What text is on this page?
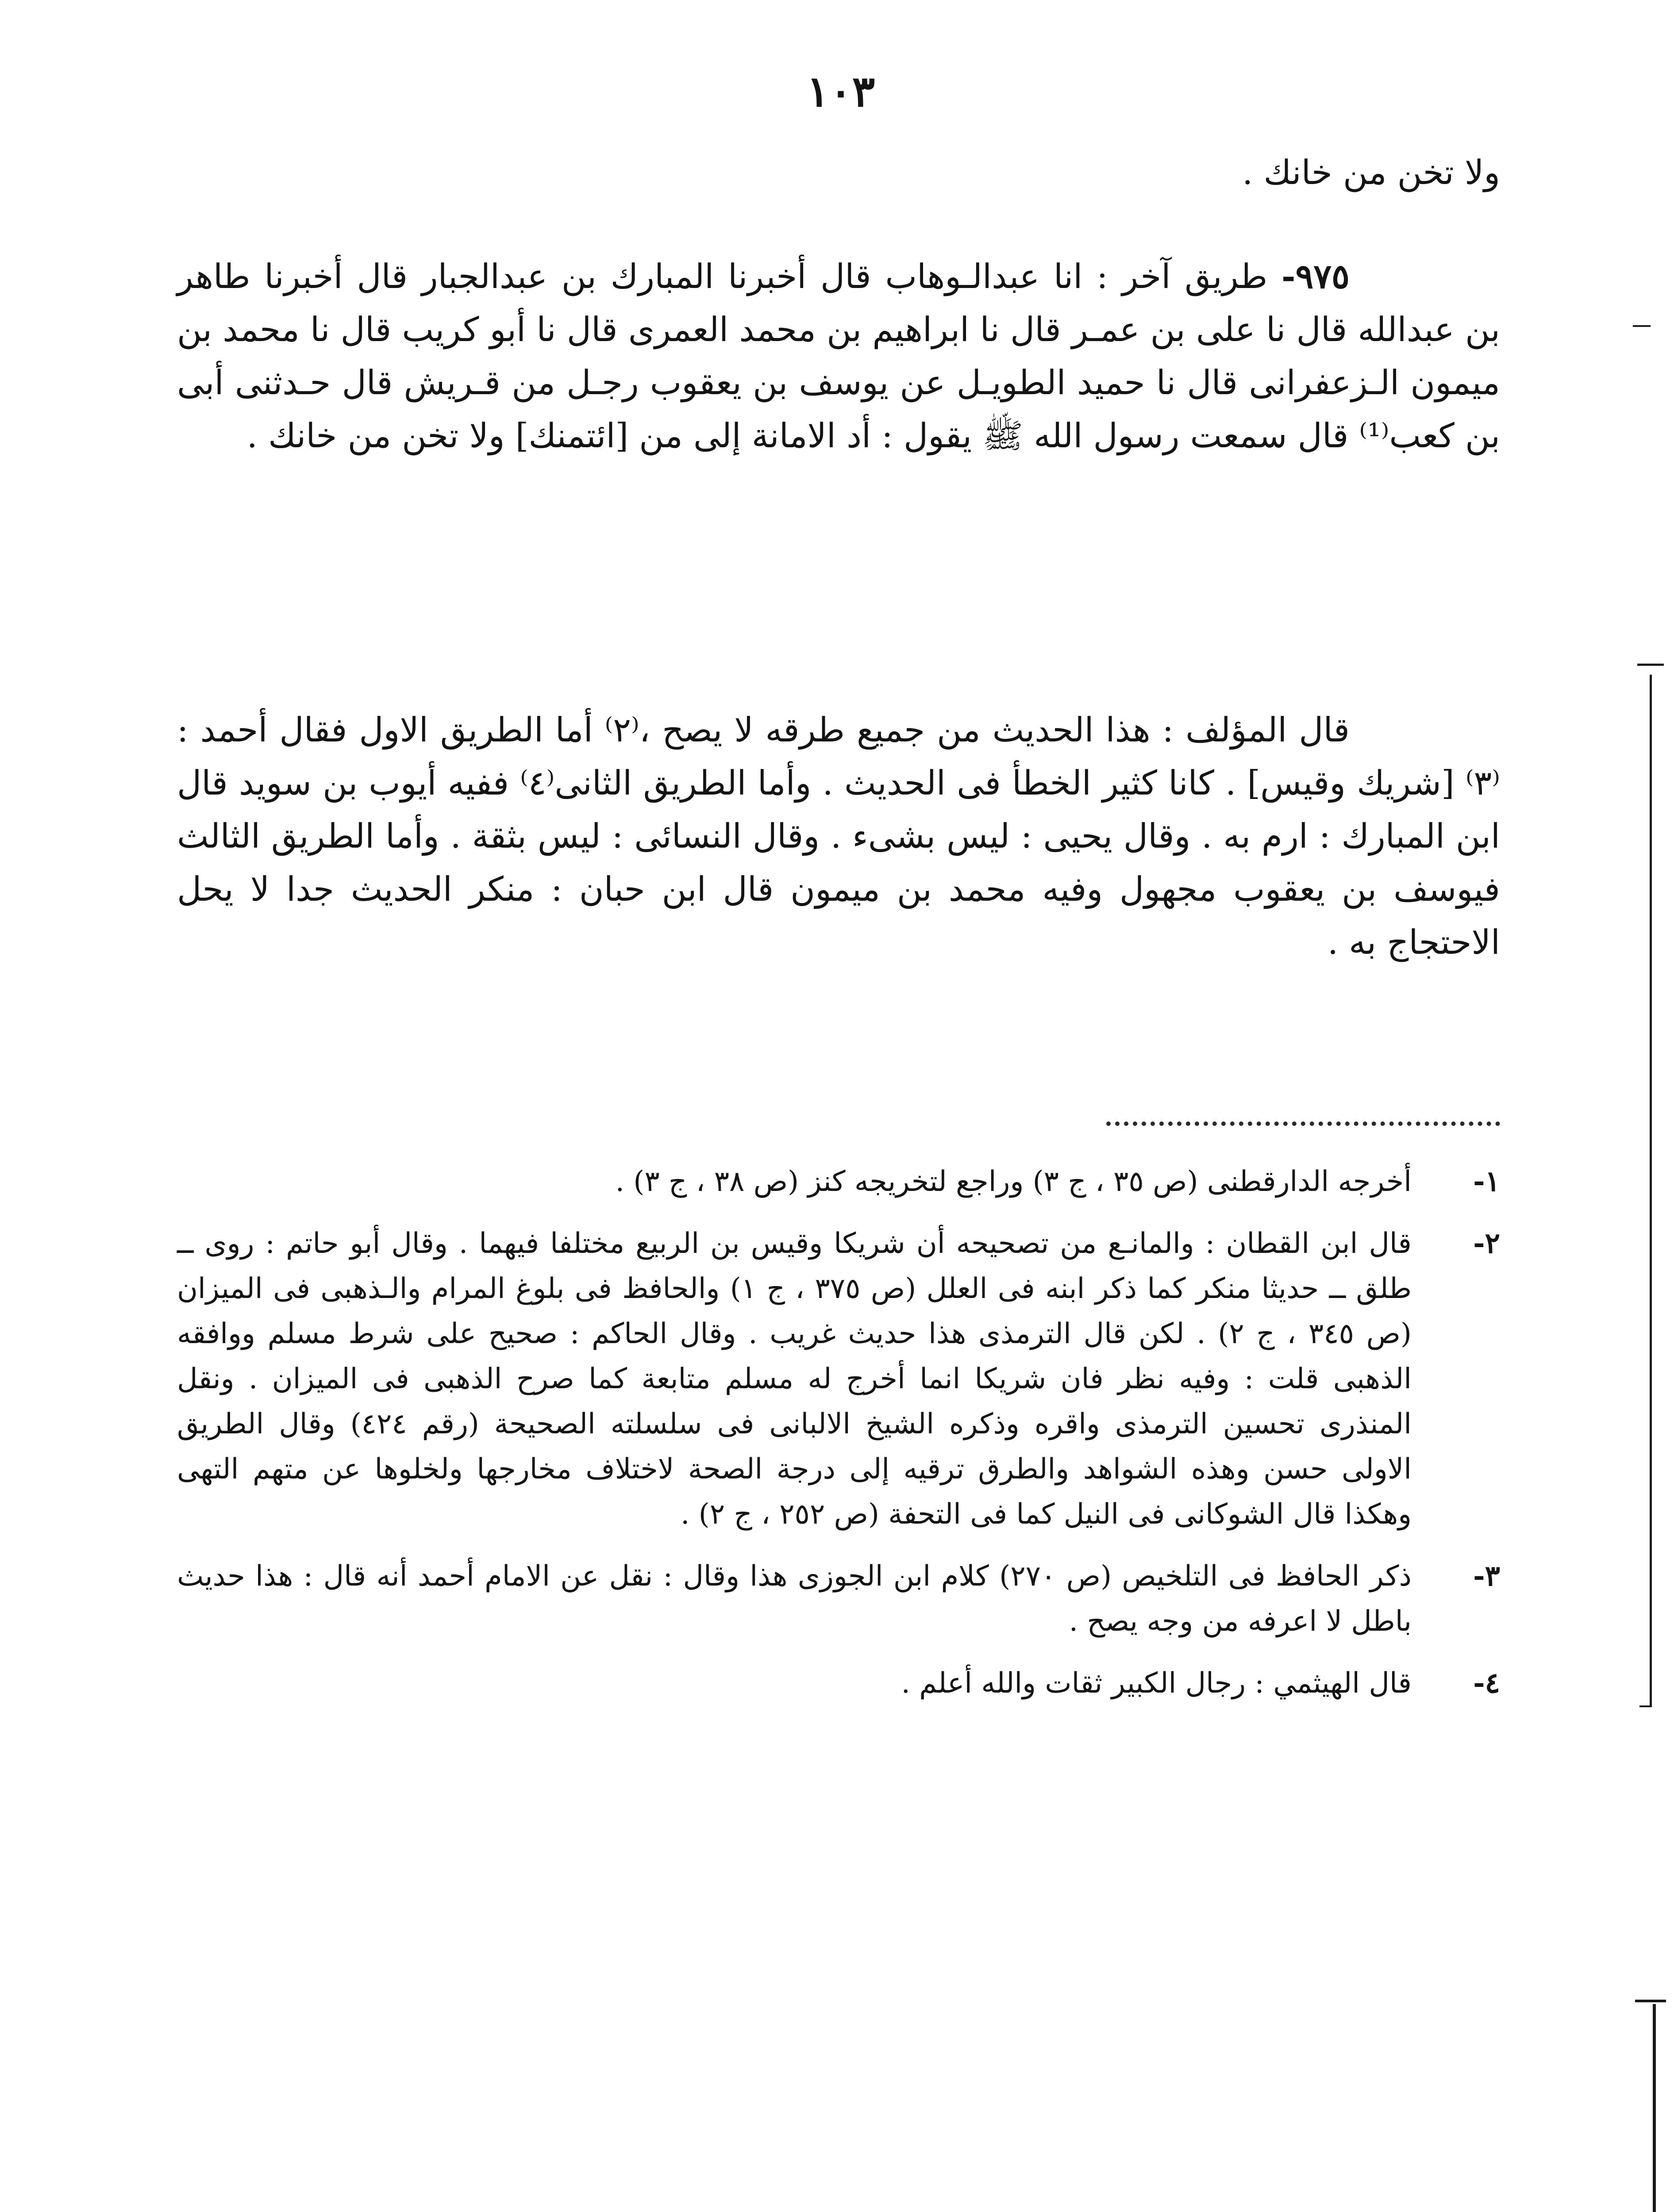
١٠٣

ولا تخن من خانك .

٩٧٥- طريق آخر : انا عبدالـوهاب قال أخبرنا المبارك بن عبدالجبار قال أخبرنا طاهر بن عبدالله قال نا على بن عمـر قال نا ابراهيم بن محمد العمرى قال نا أبو كريب قال نا محمد بن ميمون الـزعفرانى قال نا حميد الطويـل عن يوسف بن يعقوب رجـل من قـريش قال حـدثنى أبى بن كعب⁽¹⁾ قال سمعت رسول الله ﷺ يقول : أد الامانة إلى من [ائتمنك] ولا تخن من خانك .

قال المؤلف : هذا الحديث من جميع طرقه لا يصح ،⁽٢⁾ أما الطريق الاول فقال أحمد :⁽٣⁾ [شريك وقيس] . كانا كثير الخطأ فى الحديث . وأما الطريق الثانى⁽٤⁾ ففيه أيوب بن سويد قال ابن المبارك : ارم به . وقال يحيى : ليس بشىء . وقال النسائى : ليس بثقة . وأما الطريق الثالث فيوسف بن يعقوب مجهول وفيه محمد بن ميمون قال ابن حبان : منكر الحديث جدا لا يحل الاحتجاج به .

١-
أخرجه الدارقطنى (ص ٣٥ ، ج ٣) وراجع لتخريجه كنز (ص ٣٨ ، ج ٣) .
٢-
قال ابن القطان : والمانـع من تصحيحه أن شريكا وقيس بن الربيع مختلفا فيهما . وقال أبو حاتم : روى ــ طلق ــ حديثا منكر كما ذكر ابنه فى العلل (ص ٣٧٥ ، ج ١) والحافظ فى بلوغ المرام والـذهبى فى الميزان (ص ٣٤٥ ، ج ٢) . لكن قال الترمذى هذا حديث غريب . وقال الحاكم : صحيح على شرط مسلم ووافقه الذهبى قلت : وفيه نظر فان شريكا انما أخرج له مسلم متابعة كما صرح الذهبى فى الميزان . ونقل المنذرى تحسين الترمذى واقره وذكره الشيخ الالبانى فى سلسلته الصحيحة (رقم ٤٢٤) وقال الطريق الاولى حسن وهذه الشواهد والطرق ترقيه إلى درجة الصحة لاختلاف مخارجها ولخلوها عن متهم التهى وهكذا قال الشوكانى فى النيل كما فى التحفة (ص ٢٥٢ ، ج ٢) .
٣-
ذكر الحافظ فى التلخيص (ص ٢٧٠) كلام ابن الجوزى هذا وقال : نقل عن الامام أحمد أنه قال : هذا حديث باطل لا اعرفه من وجه يصح .
٤-
قال الهيثمي : رجال الكبير ثقات والله أعلم .
